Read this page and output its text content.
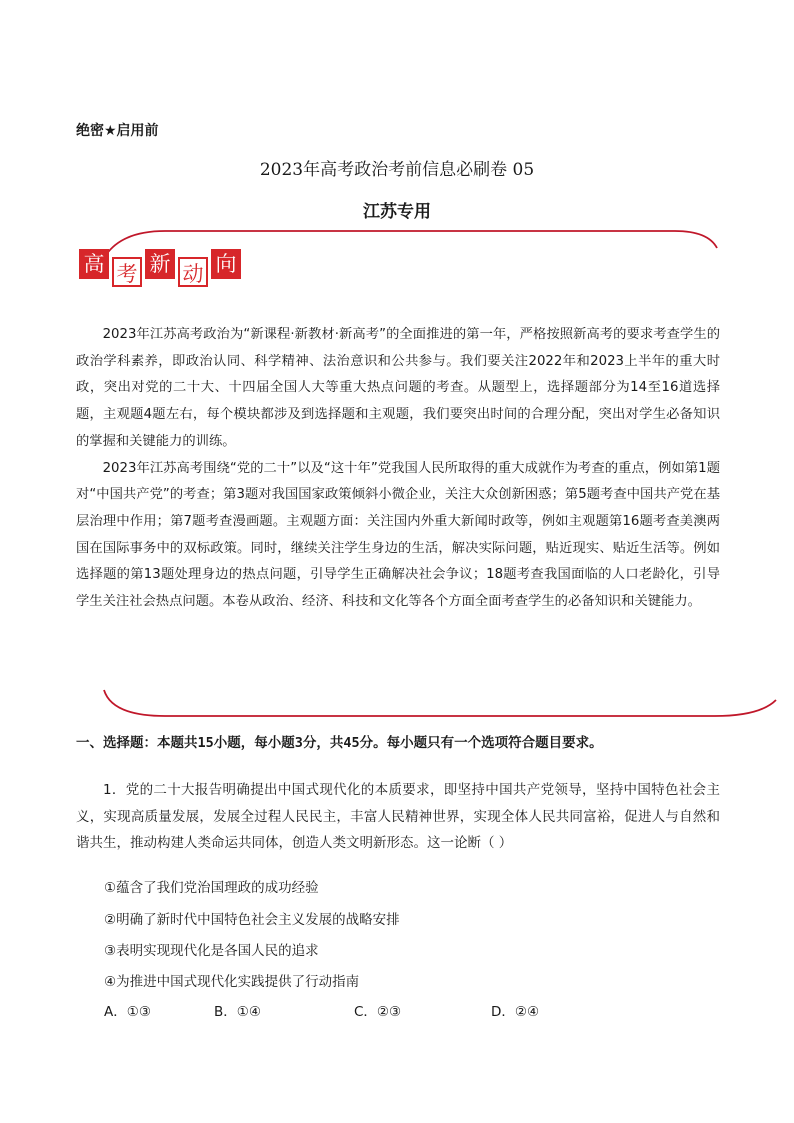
绝密★启用前
2023年高考政治考前信息必刷卷 05
江苏专用
高 考 新 动 向

2023年江苏高考政治为“新课程·新教材·新高考”的全面推进的第一年，严格按照新高考的要求考查学生的政治学科素养，即政治认同、科学精神、法治意识和公共参与。我们要关注2022年和2023上半年的重大时政，突出对党的二十大、十四届全国人大等重大热点问题的考查。从题型上，选择题部分为14至16道选择题，主观题4题左右，每个模块都涉及到选择题和主观题，我们要突出时间的合理分配，突出对学生必备知识的掌握和关键能力的训练。

2023年江苏高考围绕“党的二十”以及“这十年”党我国人民所取得的重大成就作为考查的重点，例如第1题对“中国共产党”的考查；第3题对我国国家政策倾斜小微企业，关注大众创新困惑；第5题考查中国共产党在基层治理中作用；第7题考查漫画题。主观题方面：关注国内外重大新闻时政等，例如主观题第16题考查美澳两国在国际事务中的双标政策。同时，继续关注学生身边的生活，解决实际问题，贴近现实、贴近生活等。例如选择题的第13题处理身边的热点问题，引导学生正确解决社会争议；18题考查我国面临的人口老龄化，引导学生关注社会热点问题。本卷从政治、经济、科技和文化等各个方面全面考查学生的必备知识和关键能力。

一、选择题：本题共15小题，每小题3分，共45分。每小题只有一个选项符合题目要求。
1．党的二十大报告明确提出中国式现代化的本质要求，即坚持中国共产党领导，坚持中国特色社会主义，实现高质量发展，发展全过程人民民主，丰富人民精神世界，实现全体人民共同富裕，促进人与自然和谐共生，推动构建人类命运共同体，创造人类文明新形态。这一论断（ ）
①蕴含了我们党治国理政的成功经验
②明确了新时代中国特色社会主义发展的战略安排
③表明实现现代化是各国人民的追求
④为推进中国式现代化实践提供了行动指南
A．①③	B．①④	C．②③	D．②④
